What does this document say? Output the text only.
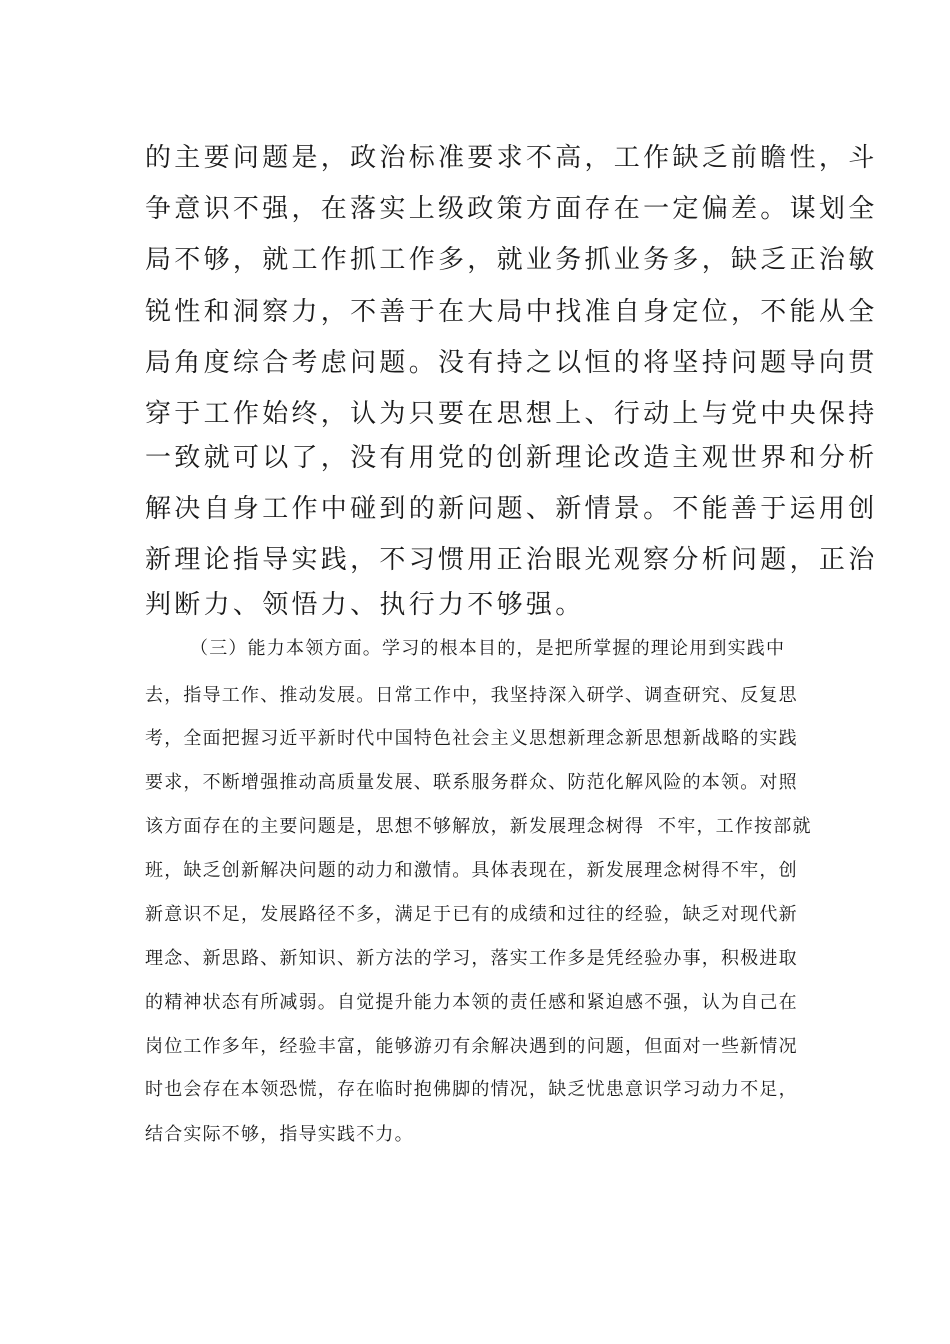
的主要问题是，政治标准要求不高，工作缺乏前瞻性，斗
争意识不强，在落实上级政策方面存在一定偏差。谋划全
局不够，就工作抓工作多，就业务抓业务多，缺乏正治敏
锐性和洞察力，不善于在大局中找准自身定位，不能从全
局角度综合考虑问题。没有持之以恒的将坚持问题导向贯
穿于工作始终，认为只要在思想上、行动上与党中央保持
一致就可以了，没有用党的创新理论改造主观世界和分析
解决自身工作中碰到的新问题、新情景。不能善于运用创
新理论指导实践，不习惯用正治眼光观察分析问题，正治
判断力、领悟力、执行力不够强。
（三）能力本领方面。学习的根本目的，是把所掌握的理论用到实践中
去，指导工作、推动发展。日常工作中，我坚持深入研学、调查研究、反复思
考，全面把握习近平新时代中国特色社会主义思想新理念新思想新战略的实践
要求，不断增强推动高质量发展、联系服务群众、防范化解风险的本领。对照
该方面存在的主要问题是，思想不够解放，新发展理念树得  不牢，工作按部就
班，缺乏创新解决问题的动力和激情。具体表现在，新发展理念树得不牢，创
新意识不足，发展路径不多，满足于已有的成绩和过往的经验，缺乏对现代新
理念、新思路、新知识、新方法的学习，落实工作多是凭经验办事，积极进取
的精神状态有所减弱。自觉提升能力本领的责任感和紧迫感不强，认为自己在
岗位工作多年，经验丰富，能够游刃有余解决遇到的问题，但面对一些新情况
时也会存在本领恐慌，存在临时抱佛脚的情况，缺乏忧患意识学习动力不足，
结合实际不够，指导实践不力。
